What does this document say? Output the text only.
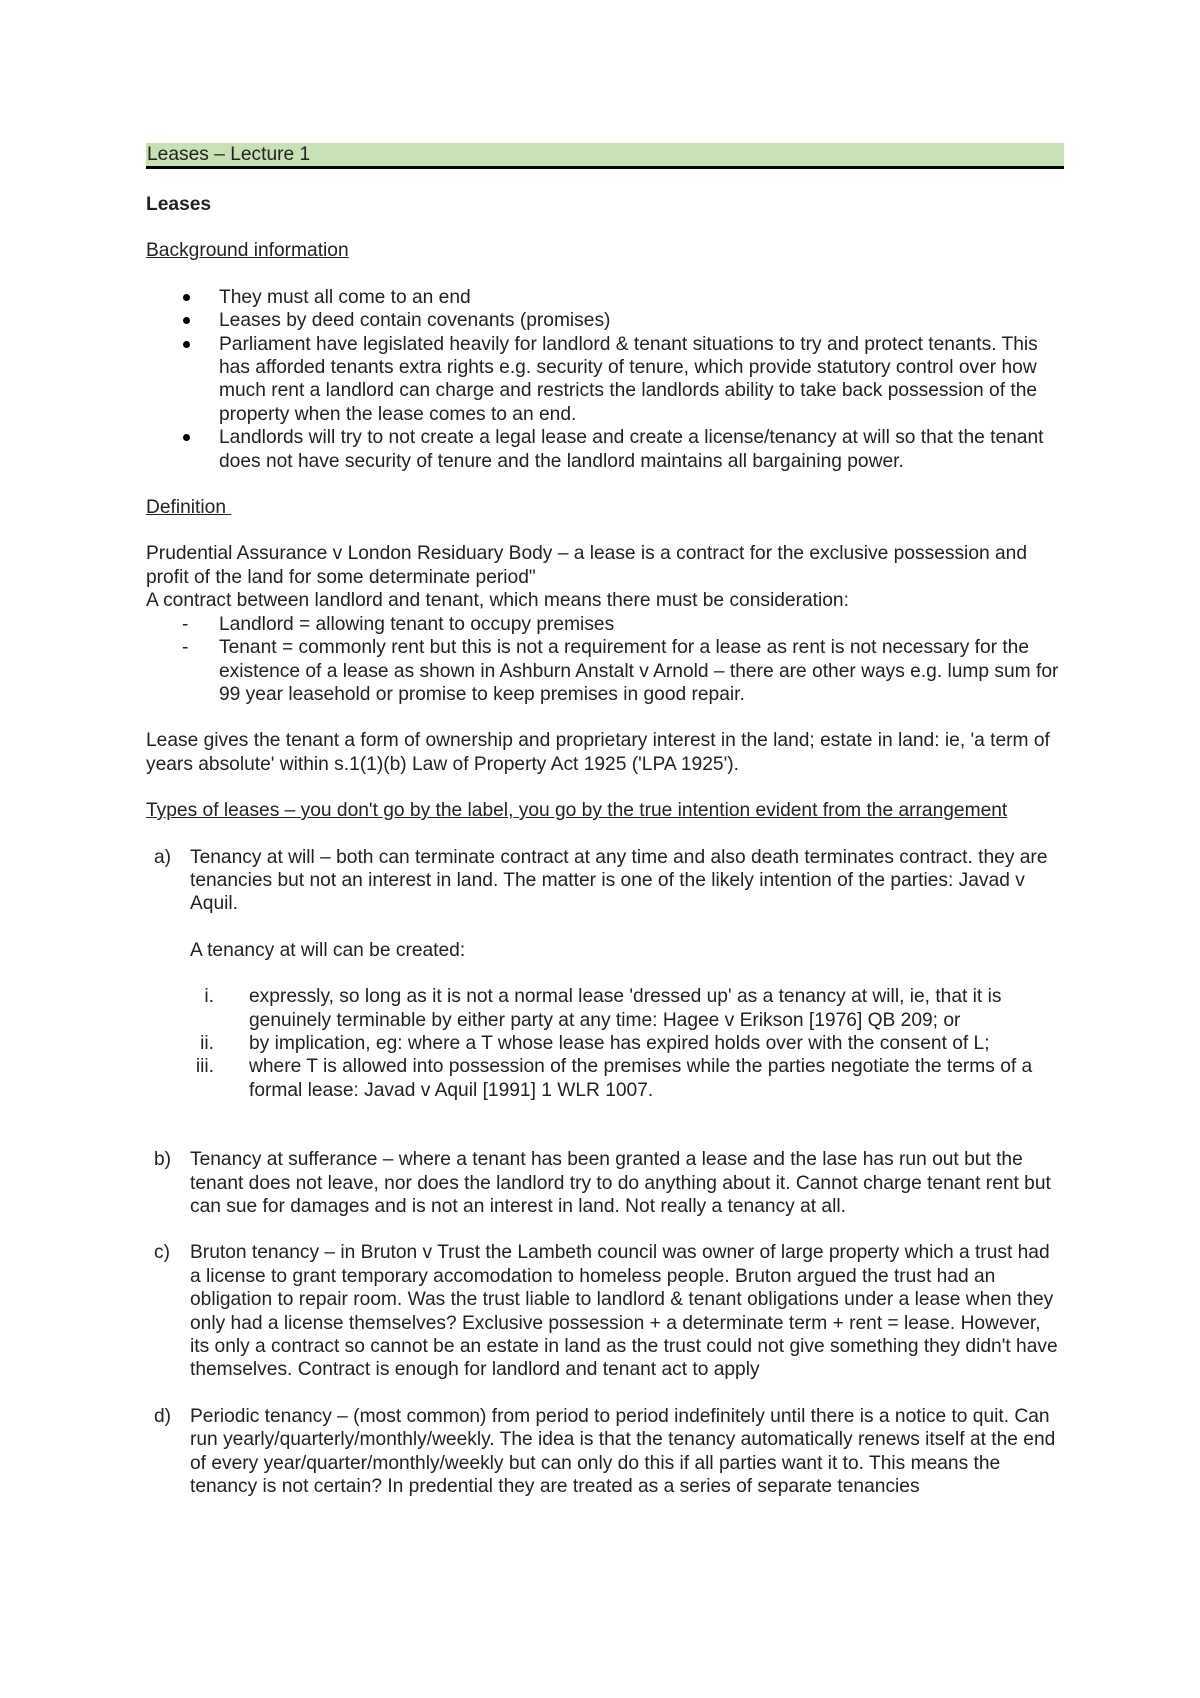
Leases – Lecture 1

Leases

Background information

They must all come to an end
Leases by deed contain covenants (promises)
Parliament have legislated heavily for landlord & tenant situations to try and protect tenants. This has afforded tenants extra rights e.g. security of tenure, which provide statutory control over how much rent a landlord can charge and restricts the landlords ability to take back possession of the property when the lease comes to an end.
Landlords will try to not create a legal lease and create a license/tenancy at will so that the tenant does not have security of tenure and the landlord maintains all bargaining power.

Definition

Prudential Assurance v London Residuary Body – a lease is a contract for the exclusive possession and profit of the land for some determinate period"

A contract between landlord and tenant, which means there must be consideration:

- Landlord = allowing tenant to occupy premises
- Tenant = commonly rent but this is not a requirement for a lease as rent is not necessary for the existence of a lease as shown in Ashburn Anstalt v Arnold – there are other ways e.g. lump sum for 99 year leasehold or promise to keep premises in good repair.

Lease gives the tenant a form of ownership and proprietary interest in the land; estate in land: ie, 'a term of years absolute' within s.1(1)(b) Law of Property Act 1925 ('LPA 1925').

Types of leases – you don't go by the label, you go by the true intention evident from the arrangement

a) Tenancy at will – both can terminate contract at any time and also death terminates contract. they are tenancies but not an interest in land. The matter is one of the likely intention of the parties: Javad v Aquil.

A tenancy at will can be created:

i. expressly, so long as it is not a normal lease 'dressed up' as a tenancy at will, ie, that it is genuinely terminable by either party at any time: Hagee v Erikson [1976] QB 209; or
ii. by implication, eg: where a T whose lease has expired holds over with the consent of L;
iii. where T is allowed into possession of the premises while the parties negotiate the terms of a formal lease: Javad v Aquil [1991] 1 WLR 1007.
b) Tenancy at sufferance – where a tenant has been granted a lease and the lase has run out but the tenant does not leave, nor does the landlord try to do anything about it. Cannot charge tenant rent but can sue for damages and is not an interest in land. Not really a tenancy at all.

c) Bruton tenancy – in Bruton v Trust the Lambeth council was owner of large property which a trust had a license to grant temporary accomodation to homeless people. Bruton argued the trust had an obligation to repair room. Was the trust liable to landlord & tenant obligations under a lease when they only had a license themselves? Exclusive possession + a determinate term + rent = lease. However, its only a contract so cannot be an estate in land as the trust could not give something they didn't have themselves. Contract is enough for landlord and tenant act to apply

d) Periodic tenancy – (most common) from period to period indefinitely until there is a notice to quit. Can run yearly/quarterly/monthly/weekly. The idea is that the tenancy automatically renews itself at the end of every year/quarter/monthly/weekly but can only do this if all parties want it to. This means the tenancy is not certain? In predential they are treated as a series of separate tenancies
